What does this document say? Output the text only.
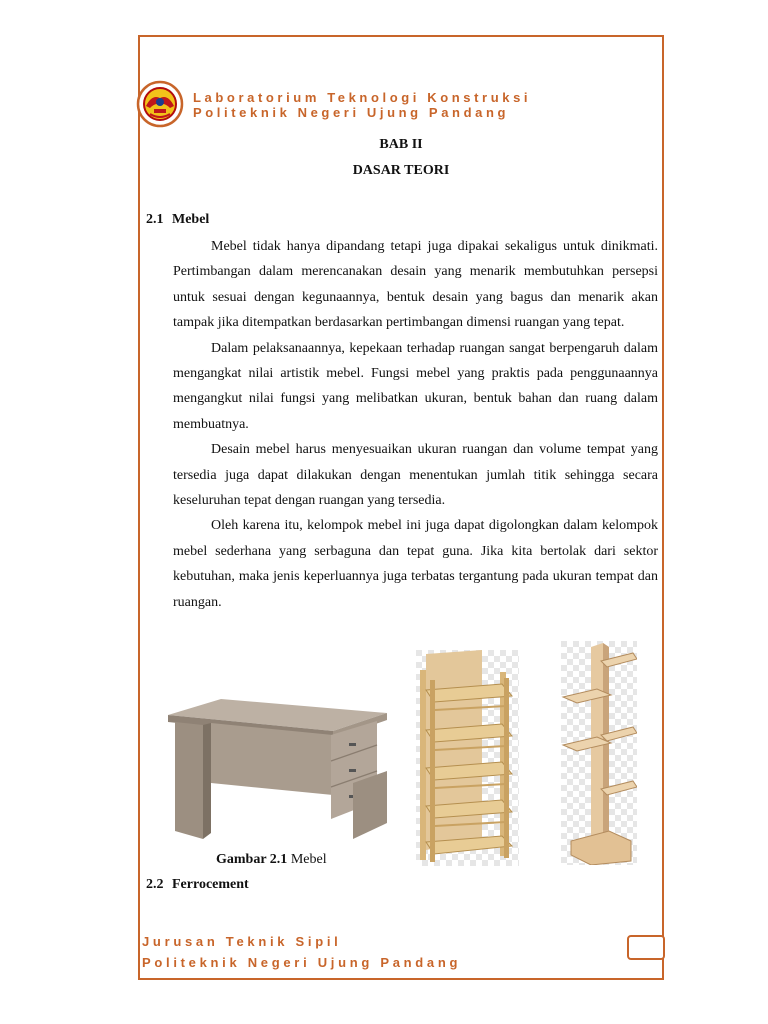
Laboratorium Teknologi Konstruksi
Politeknik Negeri Ujung Pandang
BAB II
DASAR TEORI
2.1 Mebel

Mebel tidak hanya dipandang tetapi juga dipakai sekaligus untuk dinikmati. Pertimbangan dalam merencanakan desain yang menarik membutuhkan persepsi untuk sesuai dengan kegunaannya, bentuk desain yang bagus dan menarik akan tampak jika ditempatkan berdasarkan pertimbangan dimensi ruangan yang tepat.

Dalam pelaksanaannya, kepekaan terhadap ruangan sangat berpengaruh dalam mengangkat nilai artistik mebel. Fungsi mebel yang praktis pada penggunaannya mengangkut nilai fungsi yang melibatkan ukuran, bentuk bahan dan ruang dalam membuatnya.

Desain mebel harus menyesuaikan ukuran ruangan dan volume tempat yang tersedia juga dapat dilakukan dengan menentukan jumlah titik sehingga secara keseluruhan tepat dengan ruangan yang tersedia.

Oleh karena itu, kelompok mebel ini juga dapat digolongkan dalam kelompok mebel sederhana yang serbaguna dan tepat guna. Jika kita bertolak dari sektor kebutuhan, maka jenis keperluannya juga terbatas tergantung pada ukuran tempat dan ruangan.

Gambar 2.1 Mebel
2.2 Ferrocement
Jurusan Teknik Sipil
Politeknik Negeri Ujung Pandang
